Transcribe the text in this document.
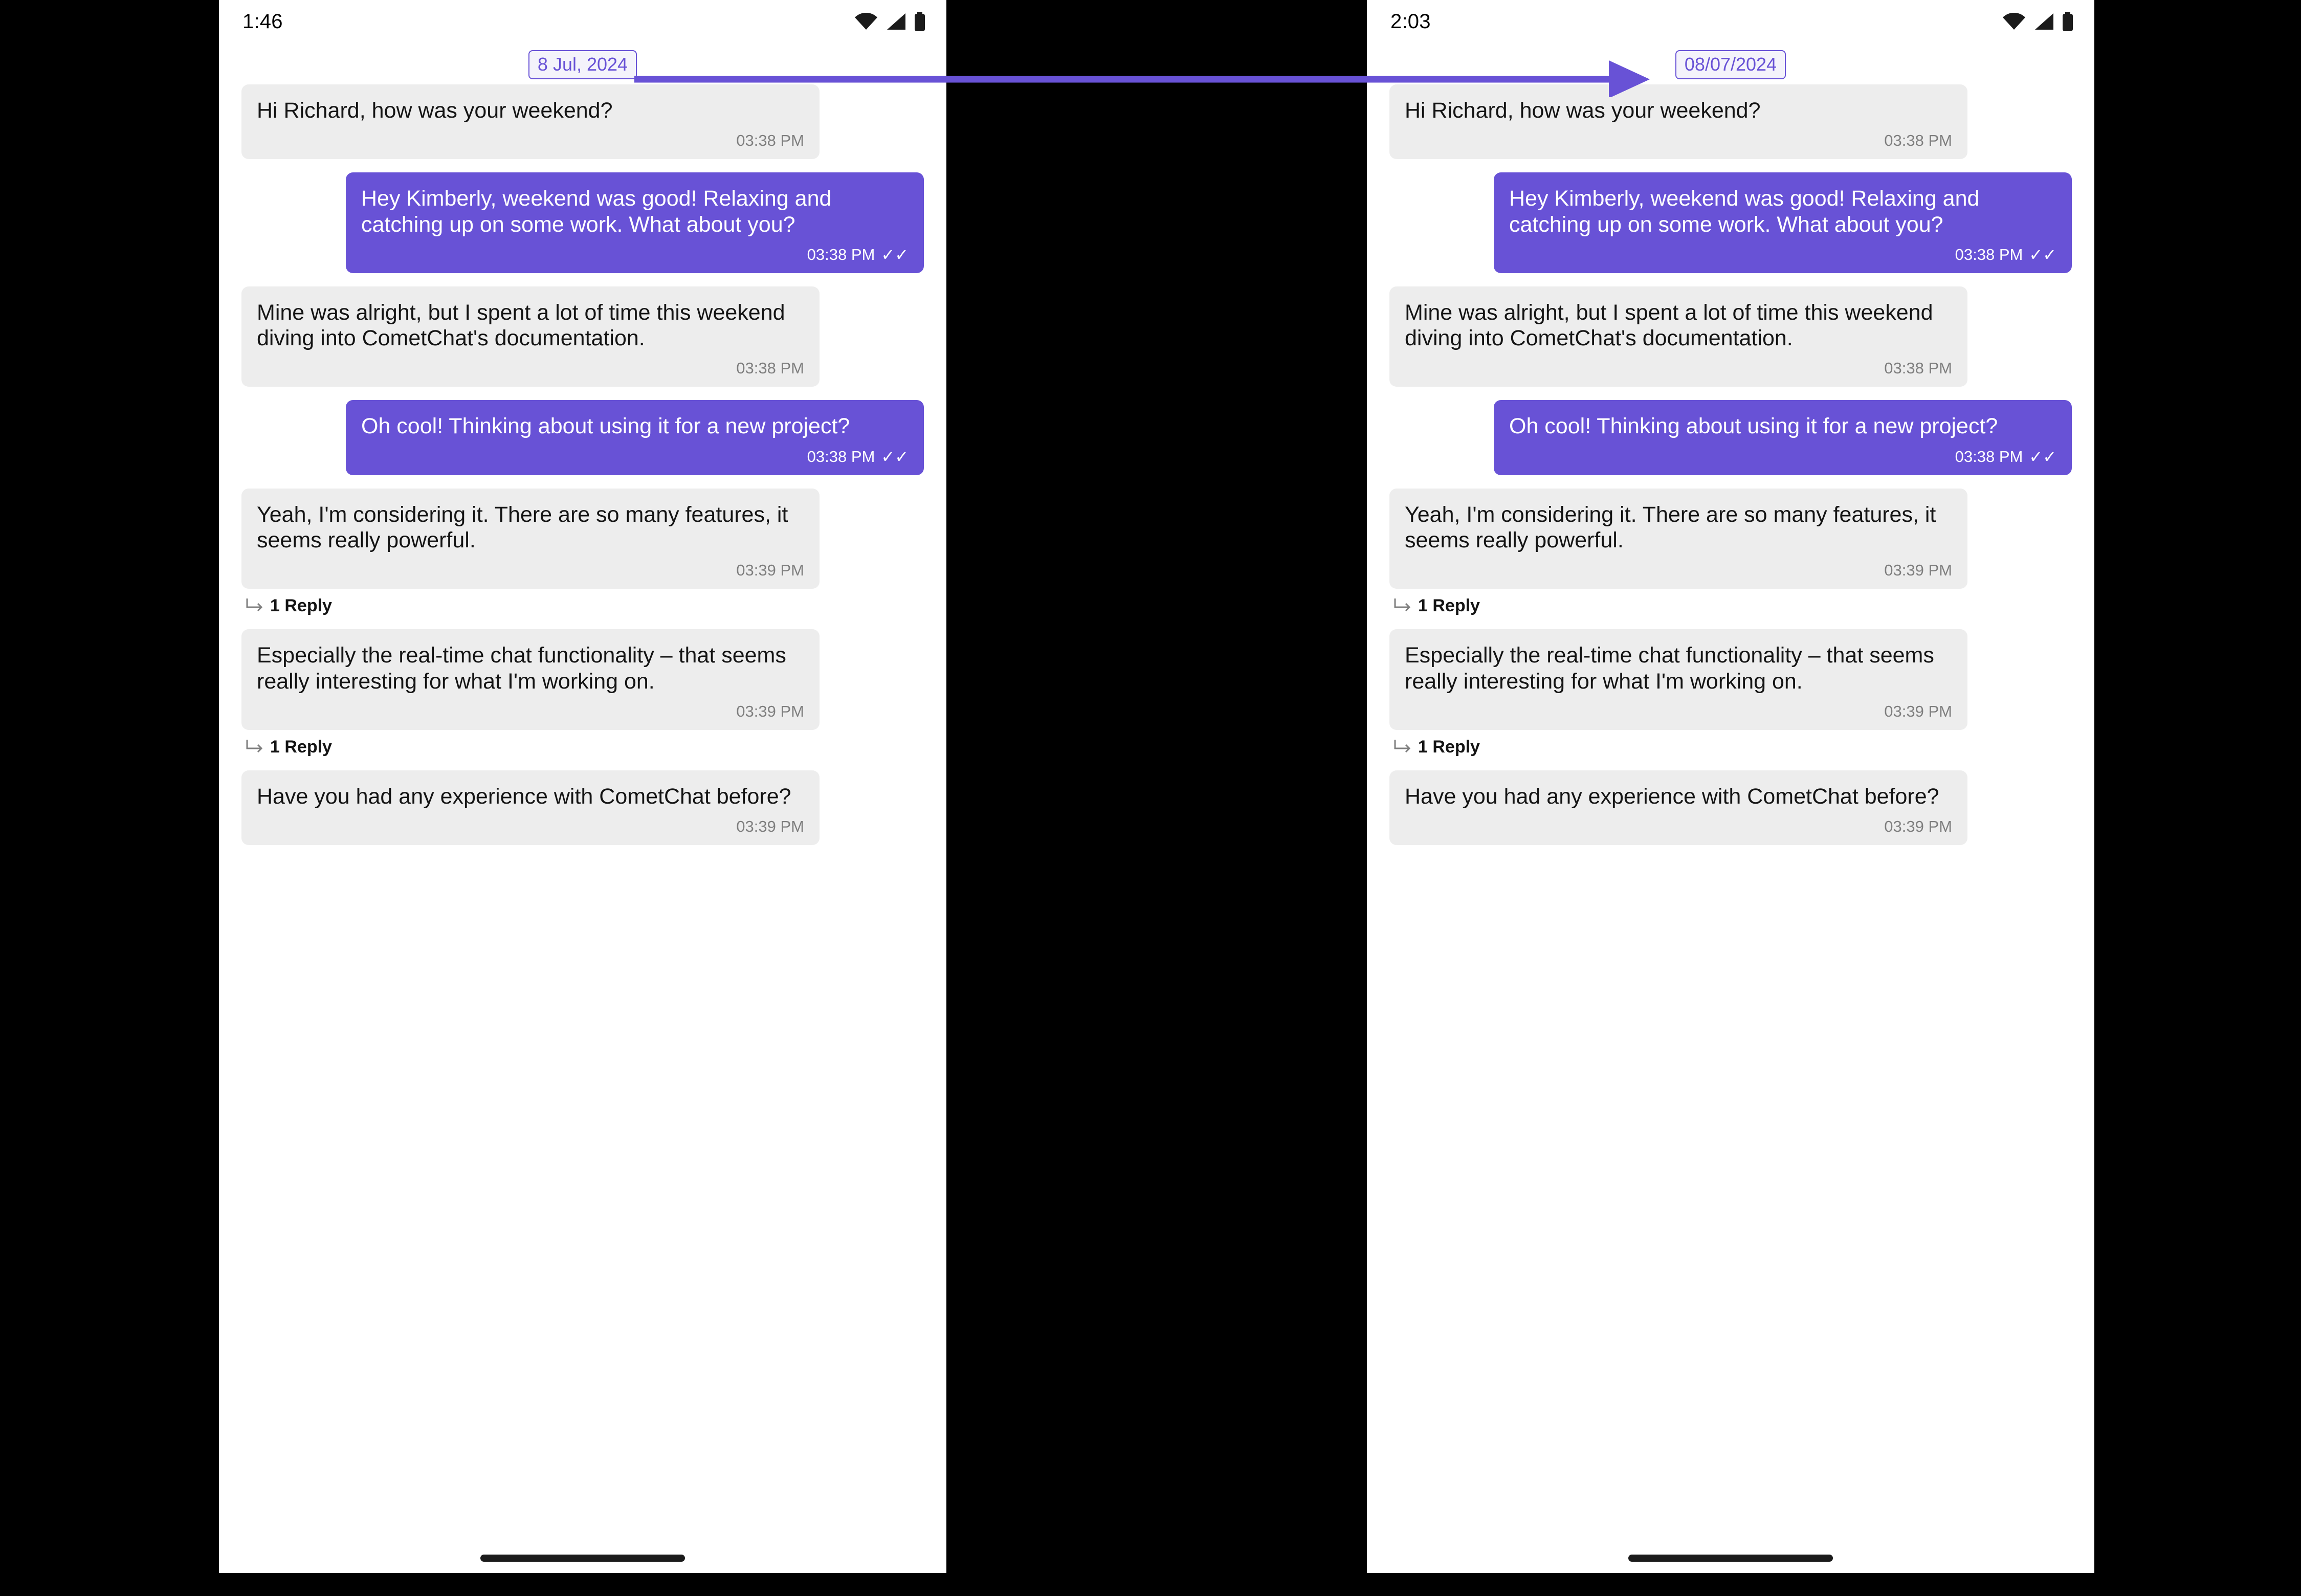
1:46
8 Jul, 2024
Hi Richard, how was your weekend?
03:38 PM
Hey Kimberly, weekend was good! Relaxing and catching up on some work. What about you?
03:38 PM ✓✓
Mine was alright, but I spent a lot of time this weekend diving into CometChat's documentation.
03:38 PM
Oh cool! Thinking about using it for a new project?
03:38 PM ✓✓
Yeah, I'm considering it. There are so many features, it seems really powerful.
03:39 PM
1 Reply
Especially the real-time chat functionality – that seems really interesting for what I'm working on.
03:39 PM
1 Reply
Have you had any experience with CometChat before?
03:39 PM
2:03
08/07/2024
Hi Richard, how was your weekend?
03:38 PM
Hey Kimberly, weekend was good! Relaxing and catching up on some work. What about you?
03:38 PM ✓✓
Mine was alright, but I spent a lot of time this weekend diving into CometChat's documentation.
03:38 PM
Oh cool! Thinking about using it for a new project?
03:38 PM ✓✓
Yeah, I'm considering it. There are so many features, it seems really powerful.
03:39 PM
1 Reply
Especially the real-time chat functionality – that seems really interesting for what I'm working on.
03:39 PM
1 Reply
Have you had any experience with CometChat before?
03:39 PM
